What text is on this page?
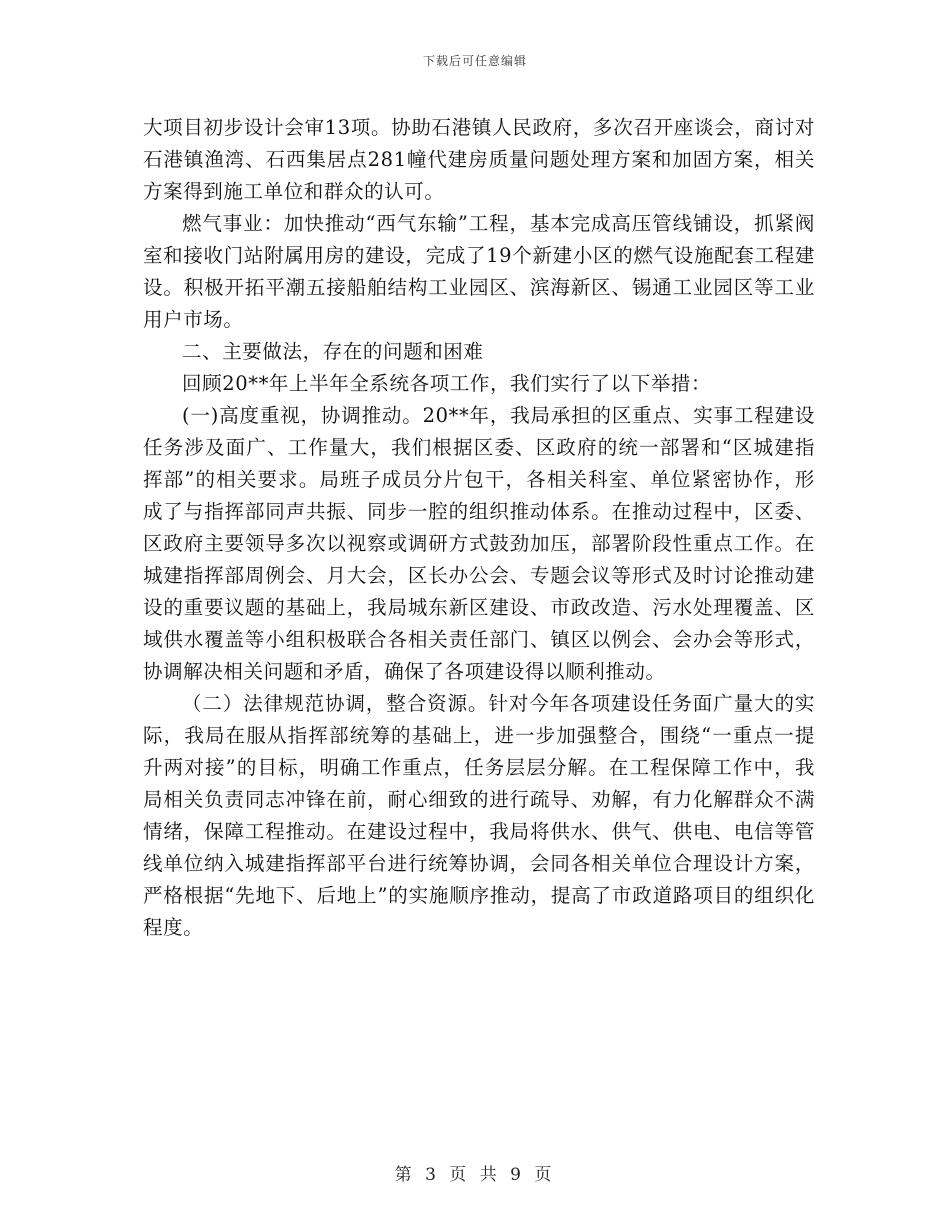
下载后可任意编辑

大项目初步设计会审13项。协助石港镇人民政府，多次召开座谈会，商讨对石港镇渔湾、石西集居点281幢代建房质量问题处理方案和加固方案，相关方案得到施工单位和群众的认可。

燃气事业：加快推动“西气东输”工程，基本完成高压管线铺设，抓紧阀室和接收门站附属用房的建设，完成了19个新建小区的燃气设施配套工程建设。积极开拓平潮五接船舶结构工业园区、滨海新区、锡通工业园区等工业用户市场。

二、主要做法，存在的问题和困难

回顾20**年上半年全系统各项工作，我们实行了以下举措：

(一)高度重视，协调推动。20**年，我局承担的区重点、实事工程建设任务涉及面广、工作量大，我们根据区委、区政府的统一部署和“区城建指挥部”的相关要求。局班子成员分片包干，各相关科室、单位紧密协作，形成了与指挥部同声共振、同步一腔的组织推动体系。在推动过程中，区委、区政府主要领导多次以视察或调研方式鼓劲加压，部署阶段性重点工作。在城建指挥部周例会、月大会，区长办公会、专题会议等形式及时讨论推动建设的重要议题的基础上，我局城东新区建设、市政改造、污水处理覆盖、区域供水覆盖等小组积极联合各相关责任部门、镇区以例会、会办会等形式，协调解决相关问题和矛盾，确保了各项建设得以顺利推动。

（二）法律规范协调，整合资源。针对今年各项建设任务面广量大的实际，我局在服从指挥部统筹的基础上，进一步加强整合，围绕“一重点一提升两对接”的目标，明确工作重点，任务层层分解。在工程保障工作中，我局相关负责同志冲锋在前，耐心细致的进行疏导、劝解，有力化解群众不满情绪，保障工程推动。在建设过程中，我局将供水、供气、供电、电信等管线单位纳入城建指挥部平台进行统筹协调，会同各相关单位合理设计方案，严格根据“先地下、后地上”的实施顺序推动，提高了市政道路项目的组织化程度。

第 3 页 共 9 页
